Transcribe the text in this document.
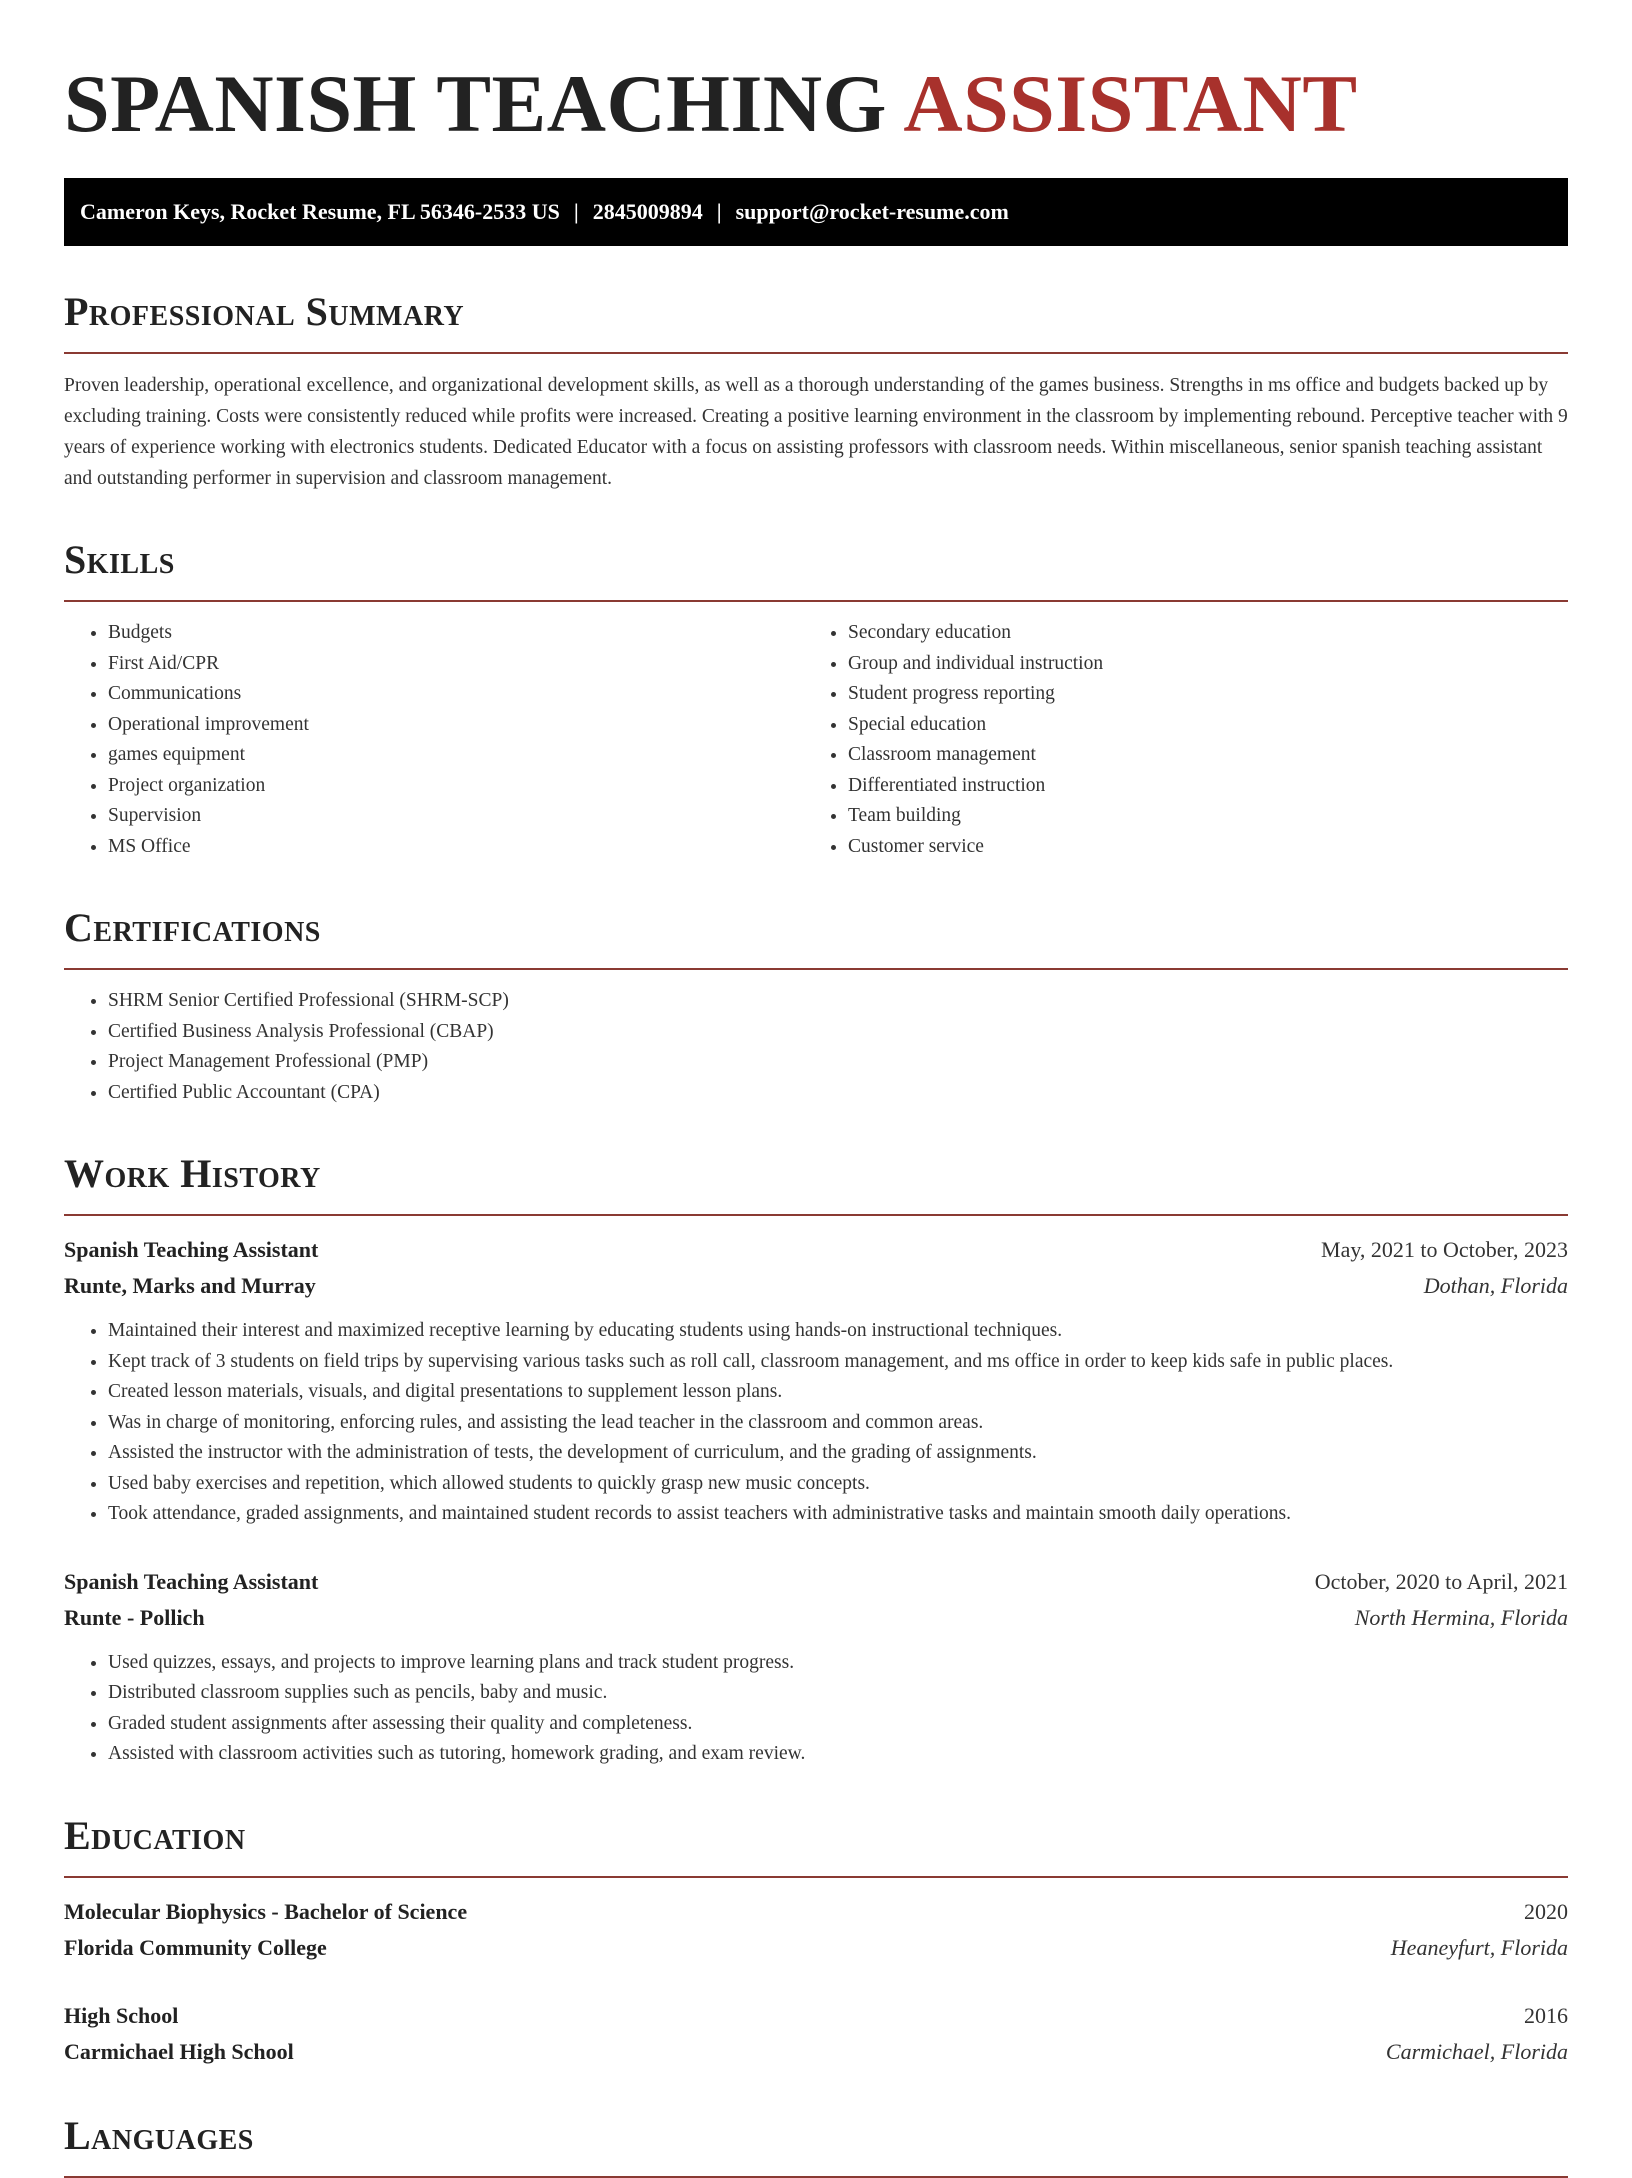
SPANISH TEACHING ASSISTANT
Cameron Keys, Rocket Resume, FL 56346-2533 US | 2845009894 | support@rocket-resume.com
Professional Summary

Proven leadership, operational excellence, and organizational development skills, as well as a thorough understanding of the games business. Strengths in ms office and budgets backed up by excluding training. Costs were consistently reduced while profits were increased. Creating a positive learning environment in the classroom by implementing rebound. Perceptive teacher with 9 years of experience working with electronics students. Dedicated Educator with a focus on assisting professors with classroom needs. Within miscellaneous, senior spanish teaching assistant and outstanding performer in supervision and classroom management.

Skills
• Budgets
• First Aid/CPR
• Communications
• Operational improvement
• games equipment
• Project organization
• Supervision
• MS Office
• Secondary education
• Group and individual instruction
• Student progress reporting
• Special education
• Classroom management
• Differentiated instruction
• Team building
• Customer service
Certifications
• SHRM Senior Certified Professional (SHRM-SCP)
• Certified Business Analysis Professional (CBAP)
• Project Management Professional (PMP)
• Certified Public Accountant (CPA)
Work History
Spanish Teaching Assistant	May, 2021 to October, 2023
Runte, Marks and Murray	Dothan, Florida
• Maintained their interest and maximized receptive learning by educating students using hands-on instructional techniques.
• Kept track of 3 students on field trips by supervising various tasks such as roll call, classroom management, and ms office in order to keep kids safe in public places.
• Created lesson materials, visuals, and digital presentations to supplement lesson plans.
• Was in charge of monitoring, enforcing rules, and assisting the lead teacher in the classroom and common areas.
• Assisted the instructor with the administration of tests, the development of curriculum, and the grading of assignments.
• Used baby exercises and repetition, which allowed students to quickly grasp new music concepts.
• Took attendance, graded assignments, and maintained student records to assist teachers with administrative tasks and maintain smooth daily operations.
Spanish Teaching Assistant	October, 2020 to April, 2021
Runte - Pollich	North Hermina, Florida
• Used quizzes, essays, and projects to improve learning plans and track student progress.
• Distributed classroom supplies such as pencils, baby and music.
• Graded student assignments after assessing their quality and completeness.
• Assisted with classroom activities such as tutoring, homework grading, and exam review.
Education
Molecular Biophysics - Bachelor of Science	2020
Florida Community College	Heaneyfurt, Florida
High School	2016
Carmichael High School	Carmichael, Florida
Languages
